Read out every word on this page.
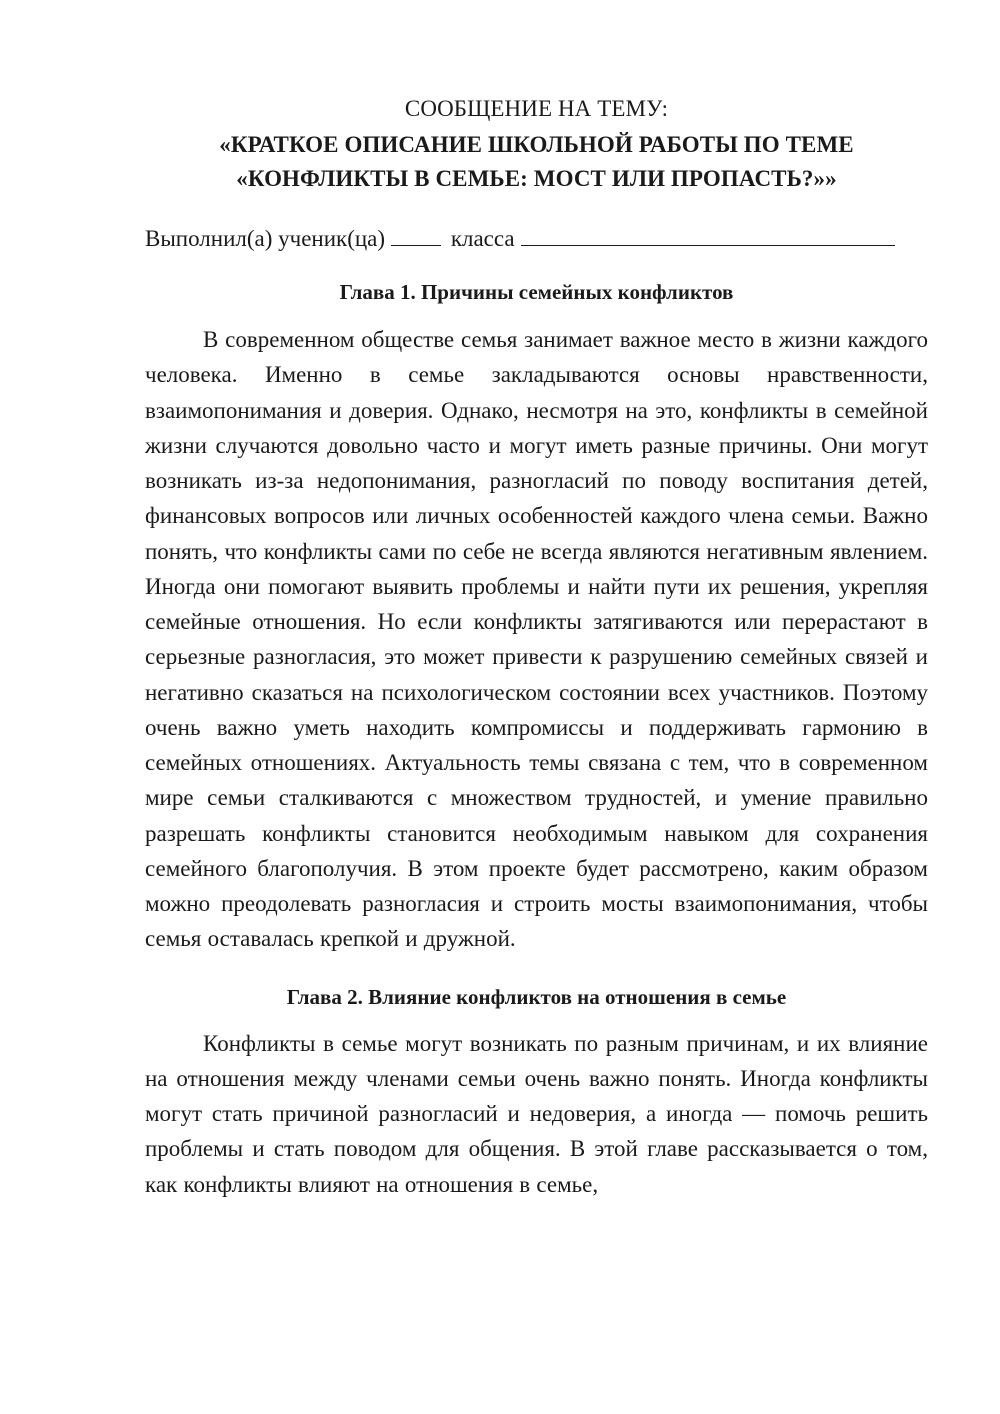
СООБЩЕНИЕ НА ТЕМУ:

«КРАТКОЕ ОПИСАНИЕ ШКОЛЬНОЙ РАБОТЫ ПО ТЕМЕ

«КОНФЛИКТЫ В СЕМЬЕ: МОСТ ИЛИ ПРОПАСТЬ?»»

Выполнил(а) ученик(ца)	класса
Глава 1. Причины семейных конфликтов

В современном обществе семья занимает важное место в жизни каждого человека. Именно в семье закладываются основы нравственности, взаимопонимания и доверия. Однако, несмотря на это, конфликты в семейной жизни случаются довольно часто и могут иметь разные причины. Они могут возникать из-за недопонимания, разногласий по поводу воспитания детей, финансовых вопросов или личных особенностей каждого члена семьи. Важно понять, что конфликты сами по себе не всегда являются негативным явлением. Иногда они помогают выявить проблемы и найти пути их решения, укрепляя семейные отношения. Но если конфликты затягиваются или перерастают в серьезные разногласия, это может привести к разрушению семейных связей и негативно сказаться на психологическом состоянии всех участников. Поэтому очень важно уметь находить компромиссы и поддерживать гармонию в семейных отношениях. Актуальность темы связана с тем, что в современном мире семьи сталкиваются с множеством трудностей, и умение правильно разрешать конфликты становится необходимым навыком для сохранения семейного благополучия. В этом проекте будет рассмотрено, каким образом можно преодолевать разногласия и строить мосты взаимопонимания, чтобы семья оставалась крепкой и дружной.

Глава 2. Влияние конфликтов на отношения в семье

Конфликты в семье могут возникать по разным причинам, и их влияние на отношения между членами семьи очень важно понять. Иногда конфликты могут стать причиной разногласий и недоверия, а иногда — помочь решить проблемы и стать поводом для общения. В этой главе рассказывается о том, как конфликты влияют на отношения в семье,
